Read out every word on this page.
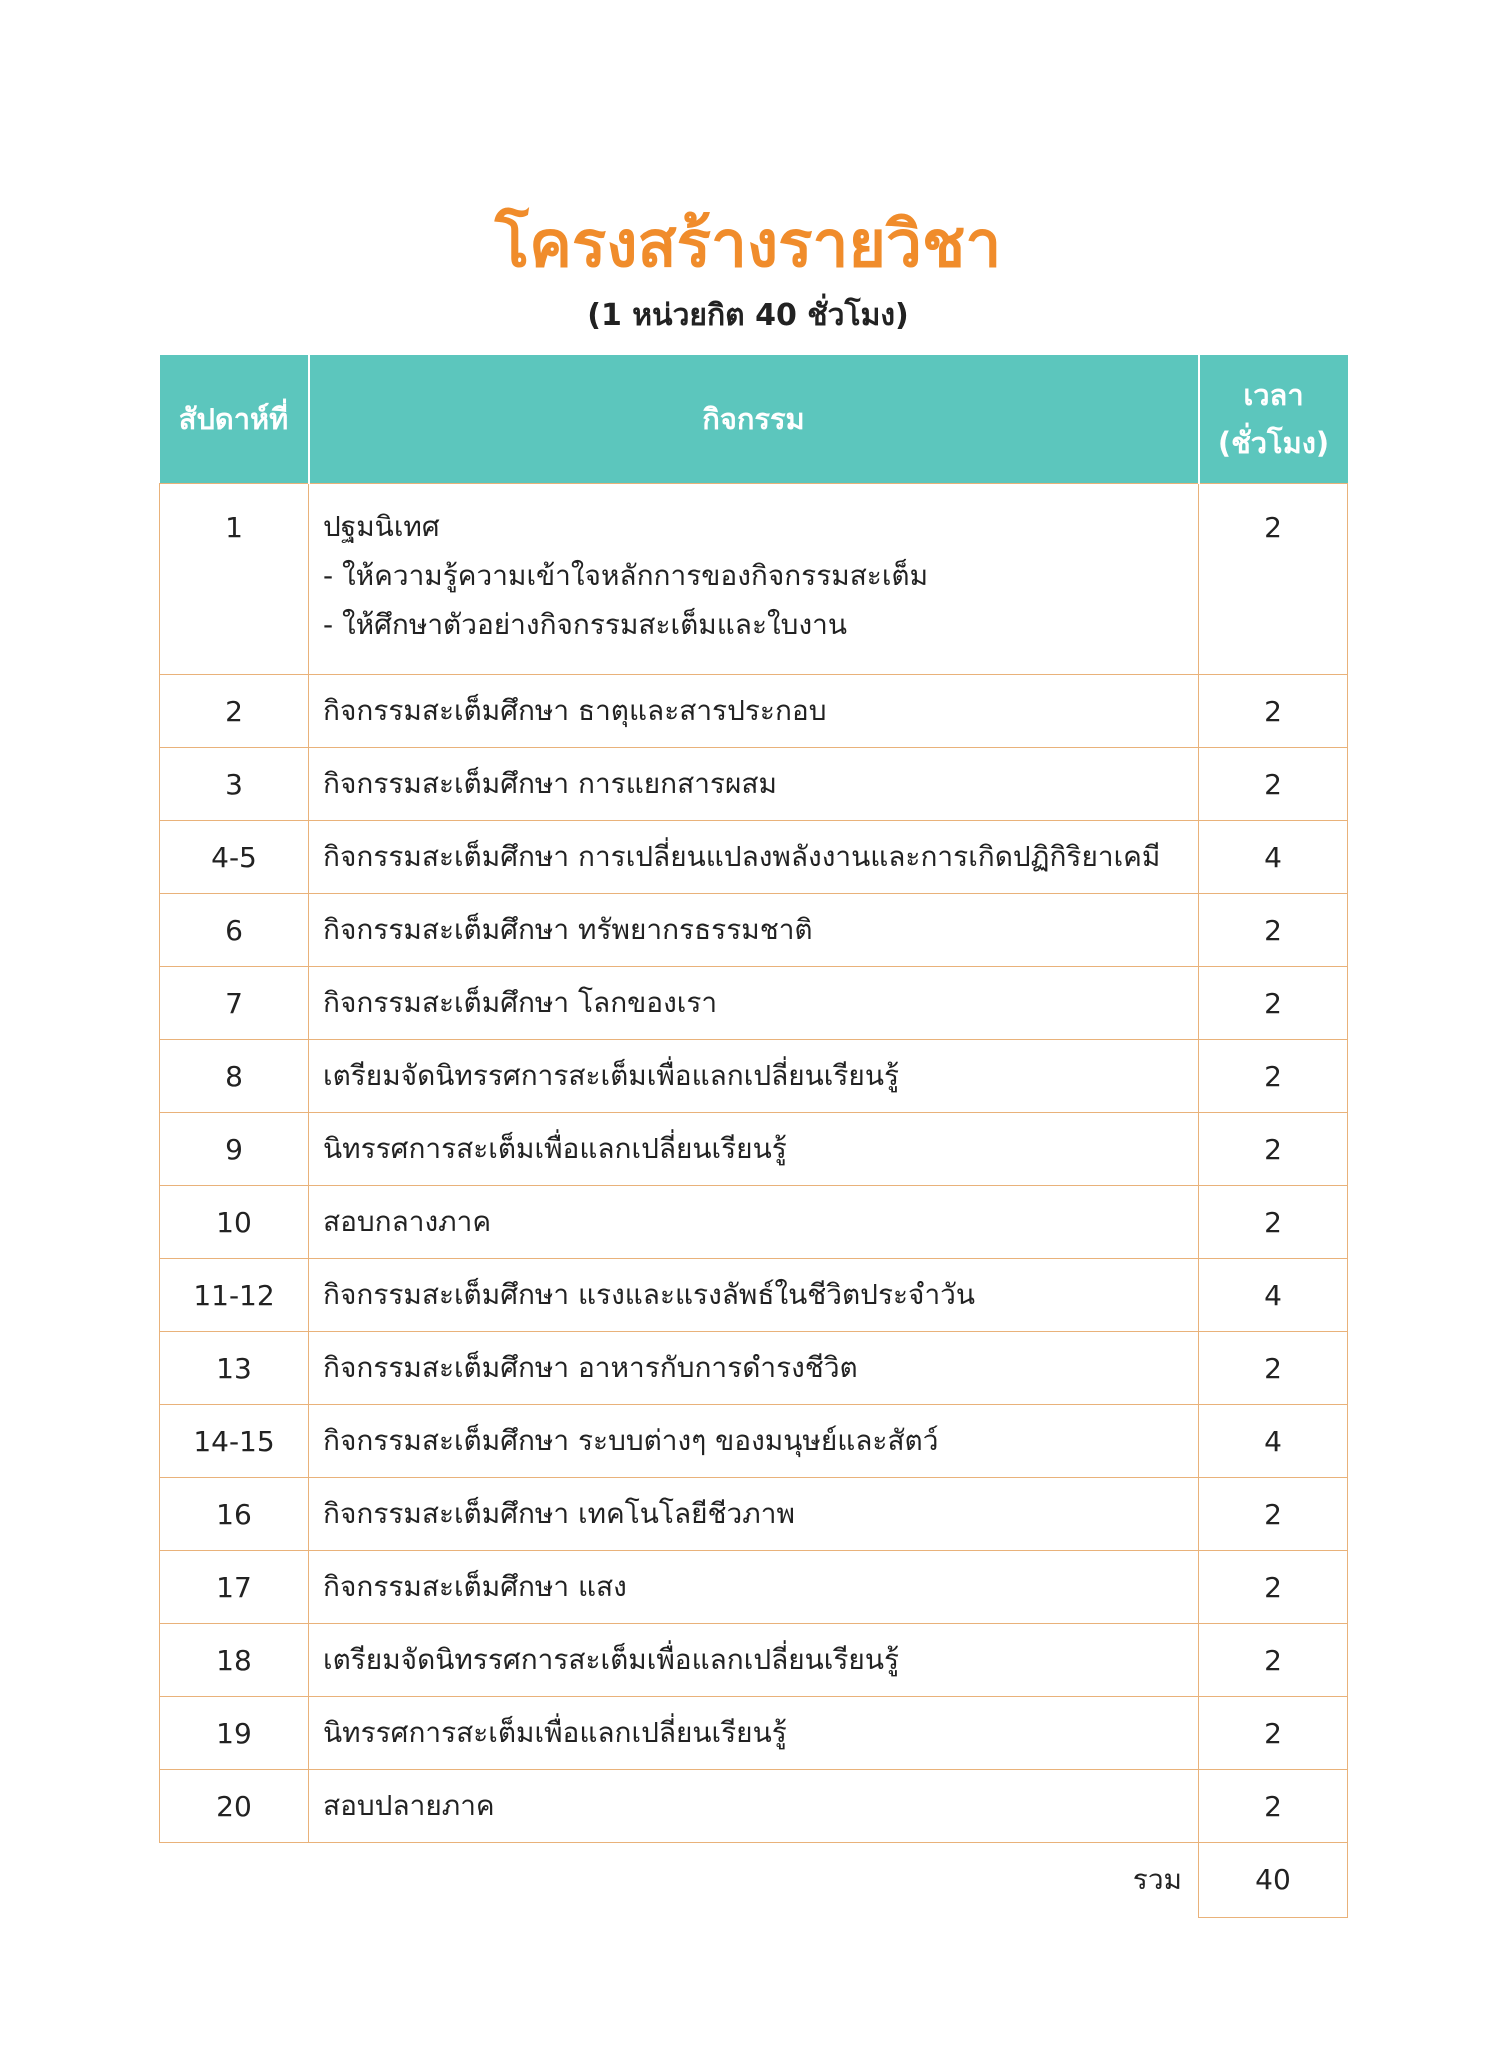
โครงสร้างรายวิชา
(1 หน่วยกิต 40 ชั่วโมง)
สัปดาห์ที่	กิจกรรม	เวลา
(ชั่วโมง)

1	ปฐมนิเทศ
- ให้ความรู้ความเข้าใจหลักการของกิจกรรมสะเต็ม
- ให้ศึกษาตัวอย่างกิจกรรมสะเต็มและใบงาน	2
2	กิจกรรมสะเต็มศึกษา ธาตุและสารประกอบ	2
3	กิจกรรมสะเต็มศึกษา การแยกสารผสม	2
4-5	กิจกรรมสะเต็มศึกษา การเปลี่ยนแปลงพลังงานและการเกิดปฏิกิริยาเคมี	4
6	กิจกรรมสะเต็มศึกษา ทรัพยากรธรรมชาติ	2
7	กิจกรรมสะเต็มศึกษา โลกของเรา	2
8	เตรียมจัดนิทรรศการสะเต็มเพื่อแลกเปลี่ยนเรียนรู้	2
9	นิทรรศการสะเต็มเพื่อแลกเปลี่ยนเรียนรู้	2
10	สอบกลางภาค	2
11-12	กิจกรรมสะเต็มศึกษา แรงและแรงลัพธ์ในชีวิตประจำวัน	4
13	กิจกรรมสะเต็มศึกษา อาหารกับการดำรงชีวิต	2
14-15	กิจกรรมสะเต็มศึกษา ระบบต่างๆ ของมนุษย์และสัตว์	4
16	กิจกรรมสะเต็มศึกษา เทคโนโลยีชีวภาพ	2
17	กิจกรรมสะเต็มศึกษา แสง	2
18	เตรียมจัดนิทรรศการสะเต็มเพื่อแลกเปลี่ยนเรียนรู้	2
19	นิทรรศการสะเต็มเพื่อแลกเปลี่ยนเรียนรู้	2
20	สอบปลายภาค	2
	รวม	40
